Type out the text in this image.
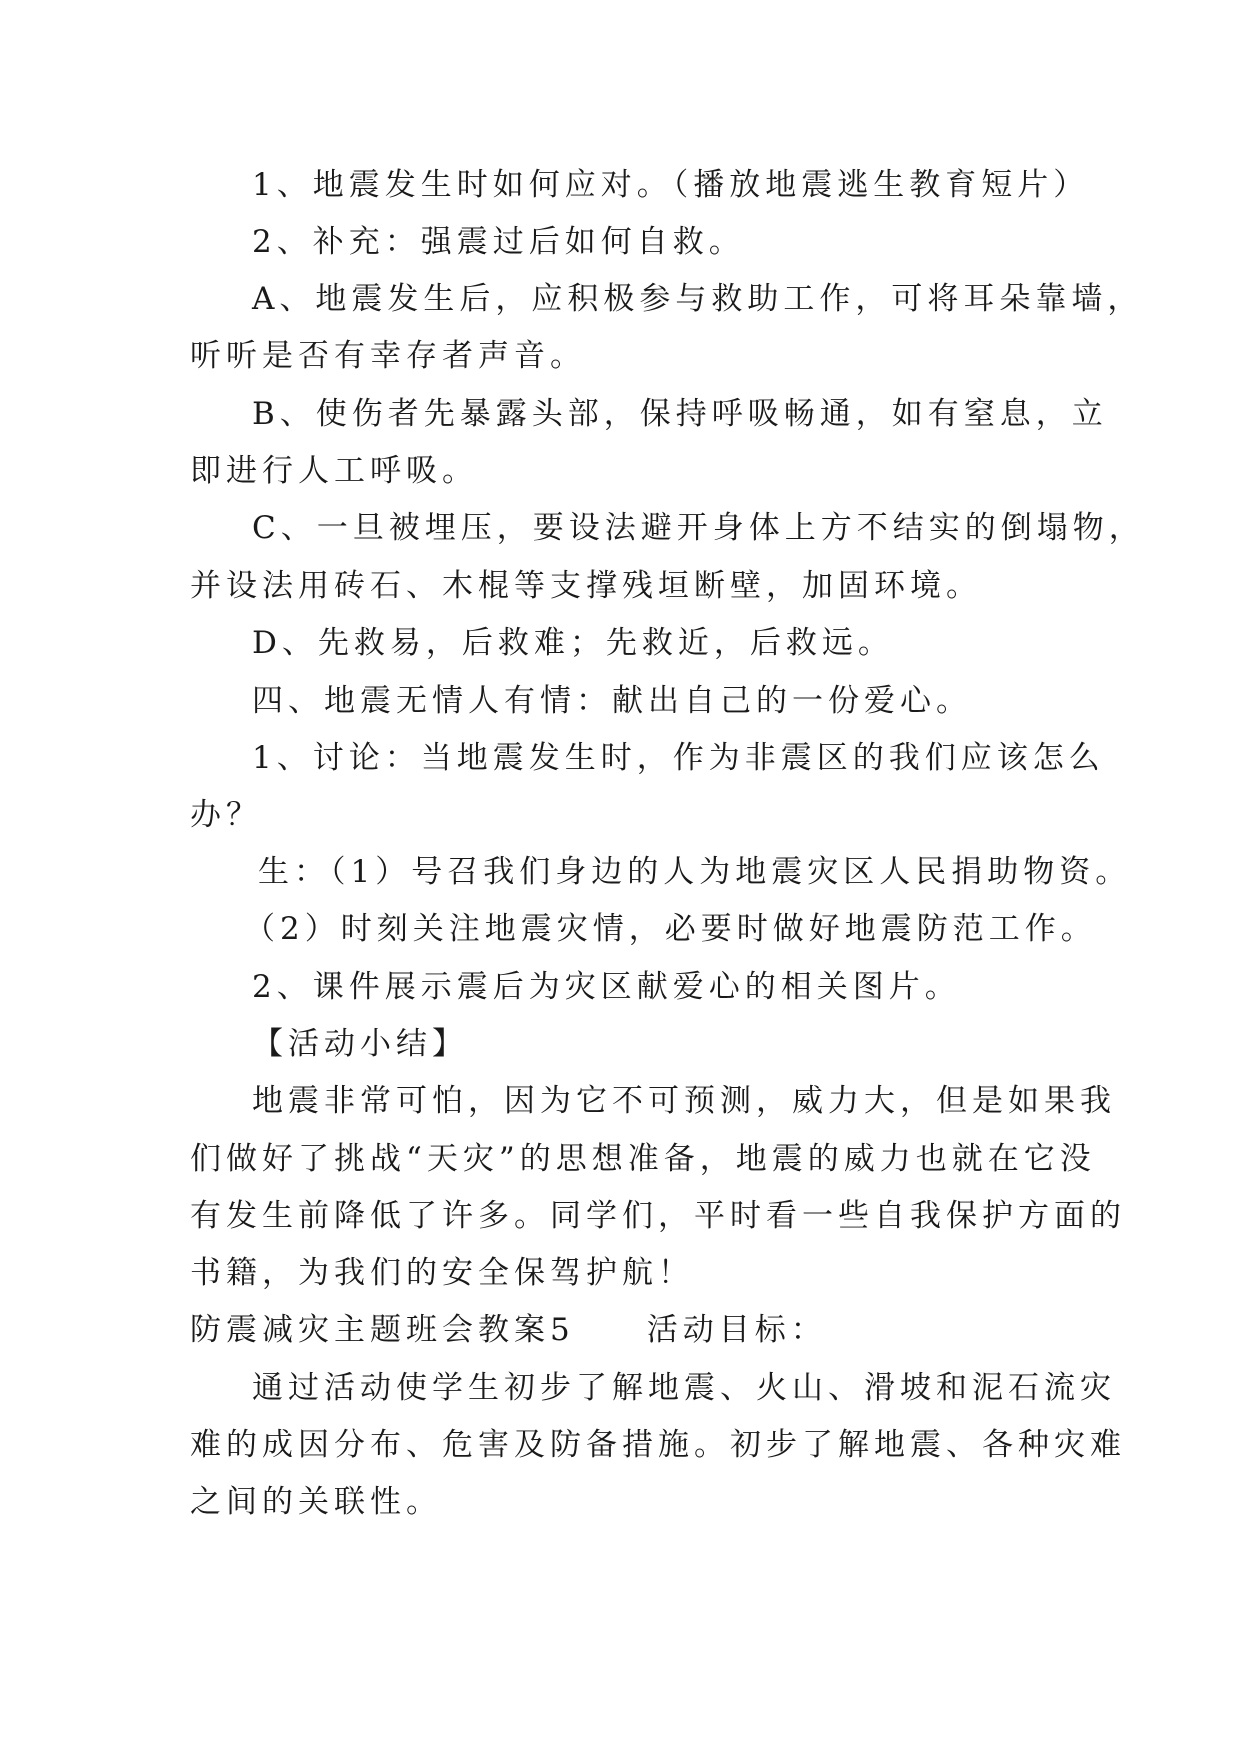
1、地震发生时如何应对。（播放地震逃生教育短片）
2、补充：强震过后如何自救。
A、地震发生后，应积极参与救助工作，可将耳朵靠墙，
听听是否有幸存者声音。
B、使伤者先暴露头部，保持呼吸畅通，如有窒息，立
即进行人工呼吸。
C、一旦被埋压，要设法避开身体上方不结实的倒塌物，
并设法用砖石、木棍等支撑残垣断壁，加固环境。
D、先救易，后救难；先救近，后救远。
四、地震无情人有情：献出自己的一份爱心。
1、讨论：当地震发生时，作为非震区的我们应该怎么
办？
生：（1）号召我们身边的人为地震灾区人民捐助物资。
（2）时刻关注地震灾情，必要时做好地震防范工作。
2、课件展示震后为灾区献爱心的相关图片。
【活动小结】
地震非常可怕，因为它不可预测，威力大，但是如果我
们做好了挑战“天灾”的思想准备，地震的威力也就在它没
有发生前降低了许多。同学们，平时看一些自我保护方面的
书籍，为我们的安全保驾护航！
防震减灾主题班会教案5　　活动目标：
通过活动使学生初步了解地震、火山、滑坡和泥石流灾
难的成因分布、危害及防备措施。初步了解地震、各种灾难
之间的关联性。
